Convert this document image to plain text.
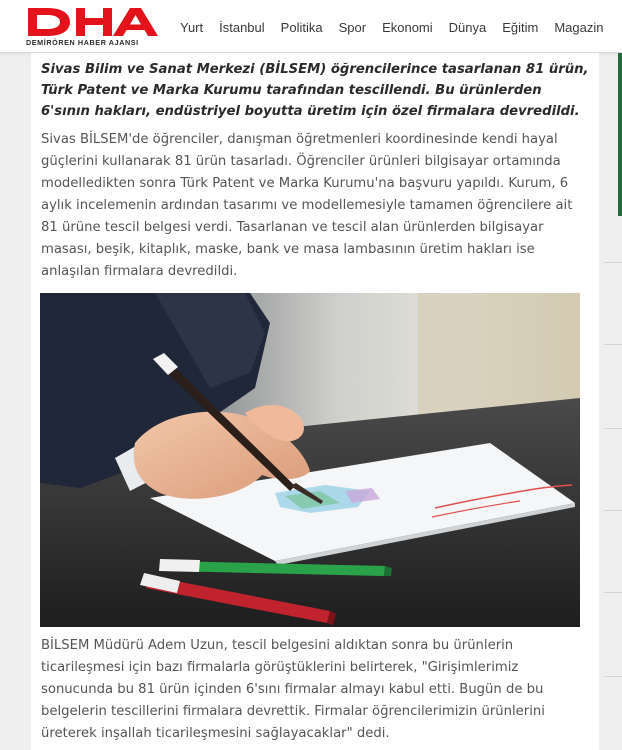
DEMİRÖREN HABER AJANSI
Yurt İstanbul Politika Spor Ekonomi Dünya Eğitim Magazin

Sivas Bilim ve Sanat Merkezi (BİLSEM) öğrencilerince tasarlanan 81 ürün, Türk Patent ve Marka Kurumu tarafından tescillendi. Bu ürünlerden 6'sının hakları, endüstriyel boyutta üretim için özel firmalara devredildi.

Sivas BİLSEM'de öğrenciler, danışman öğretmenleri koordinesinde kendi hayal güçlerini kullanarak 81 ürün tasarladı. Öğrenciler ürünleri bilgisayar ortamında modelledikten sonra Türk Patent ve Marka Kurumu'na başvuru yapıldı. Kurum, 6 aylık incelemenin ardından tasarımı ve modellemesiyle tamamen öğrencilere ait 81 ürüne tescil belgesi verdi. Tasarlanan ve tescil alan ürünlerden bilgisayar masası, beşik, kitaplık, maske, bank ve masa lambasının üretim hakları ise anlaşılan firmalara devredildi.

BİLSEM Müdürü Adem Uzun, tescil belgesini aldıktan sonra bu ürünlerin ticarileşmesi için bazı firmalarla görüştüklerini belirterek, "Girişimlerimiz sonucunda bu 81 ürün içinden 6'sını firmalar almayı kabul etti. Bugün de bu belgelerin tescillerini firmalara devrettik. Firmalar öğrencilerimizin ürünlerini üreterek inşallah ticarileşmesini sağlayacaklar" dedi.
